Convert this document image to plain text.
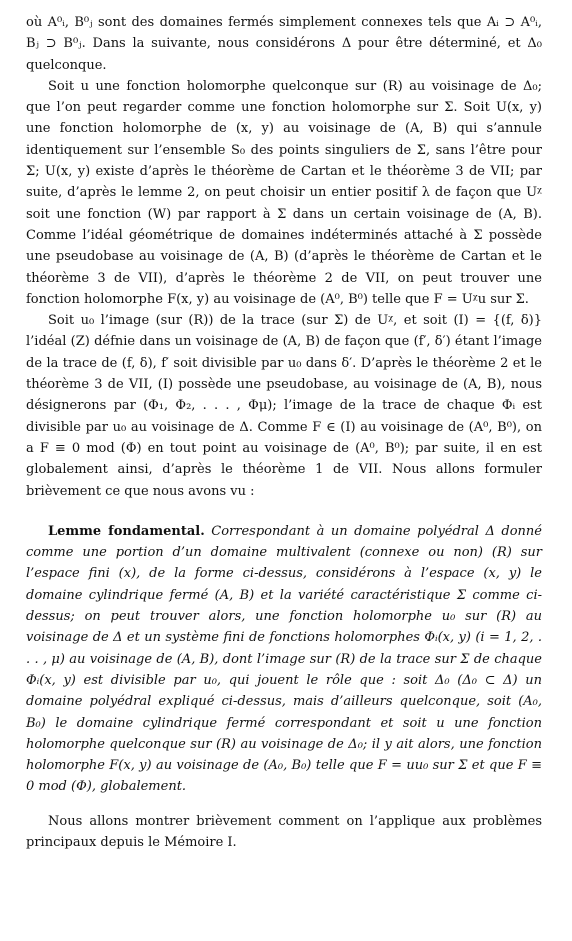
où A⁰ᵢ, B⁰ⱼ sont des domaines fermés simplement connexes tels que Aᵢ ⊃ A⁰ᵢ, Bⱼ ⊃ B⁰ⱼ. Dans la suivante, nous considérons Δ pour être déterminé, et Δ₀ quelconque.

Soit u une fonction holomorphe quelconque sur (R) au voisinage de Δ₀; que l’on peut regarder comme une fonction holomorphe sur Σ. Soit U(x, y) une fonction holomorphe de (x, y) au voisinage de (A, B) qui s’annule identiquement sur l’ensemble S₀ des points singuliers de Σ, sans l’être pour Σ; U(x, y) existe d’après le théorème de Cartan et le théorème 3 de VII; par suite, d’après le lemme 2, on peut choisir un entier positif λ de façon que Uᵡ soit une fonction (W) par rapport à Σ dans un certain voisinage de (A, B). Comme l’idéal géométrique de domaines indéterminés attaché à Σ possède une pseudobase au voisinage de (A, B) (d’après le théorème de Cartan et le théorème 3 de VII), d’après le théorème 2 de VII, on peut trouver une fonction holomorphe F(x, y) au voisinage de (A⁰, B⁰) telle que F = Uᵡu sur Σ.

Soit u₀ l’image (sur (R)) de la trace (sur Σ) de Uᵡ, et soit (I) = {(f, δ)} l’idéal (Z) défnie dans un voisinage de (A, B) de façon que (f′, δ′) étant l’image de la trace de (f, δ), f′ soit divisible par u₀ dans δ′. D’après le théorème 2 et le théorème 3 de VII, (I) possède une pseudobase, au voisinage de (A, B), nous désignerons par (Φ₁, Φ₂, . . . , Φμ); l’image de la trace de chaque Φᵢ est divisible par u₀ au voisinage de Δ. Comme F ∈ (I) au voisinage de (A⁰, B⁰), on a F ≡ 0 mod (Φ) en tout point au voisinage de (A⁰, B⁰); par suite, il en est globalement ainsi, d’après le théorème 1 de VII. Nous allons formuler brièvement ce que nous avons vu :

Lemme fondamental. Correspondant à un domaine polyédral Δ donné comme une portion d’un domaine multivalent (connexe ou non) (R) sur l’espace fini (x), de la forme ci-dessus, considérons à l’espace (x, y) le domaine cylindrique fermé (A, B) et la variété caractéristique Σ comme ci-dessus; on peut trouver alors, une fonction holomorphe u₀ sur (R) au voisinage de Δ et un système fini de fonctions holomorphes Φᵢ(x, y) (i = 1, 2, . . . , μ) au voisinage de (A, B), dont l’image sur (R) de la trace sur Σ de chaque Φᵢ(x, y) est divisible par u₀, qui jouent le rôle que : soit Δ₀ (Δ₀ ⊂ Δ) un domaine polyédral expliqué ci-dessus, mais d’ailleurs quelconque, soit (A₀, B₀) le domaine cylindrique fermé correspondant et soit u une fonction holomorphe quelconque sur (R) au voisinage de Δ₀; il y ait alors, une fonction holomorphe F(x, y) au voisinage de (A₀, B₀) telle que F = uu₀ sur Σ et que F ≡ 0 mod (Φ), globalement.

Nous allons montrer brièvement comment on l’applique aux problèmes principaux depuis le Mémoire I.
